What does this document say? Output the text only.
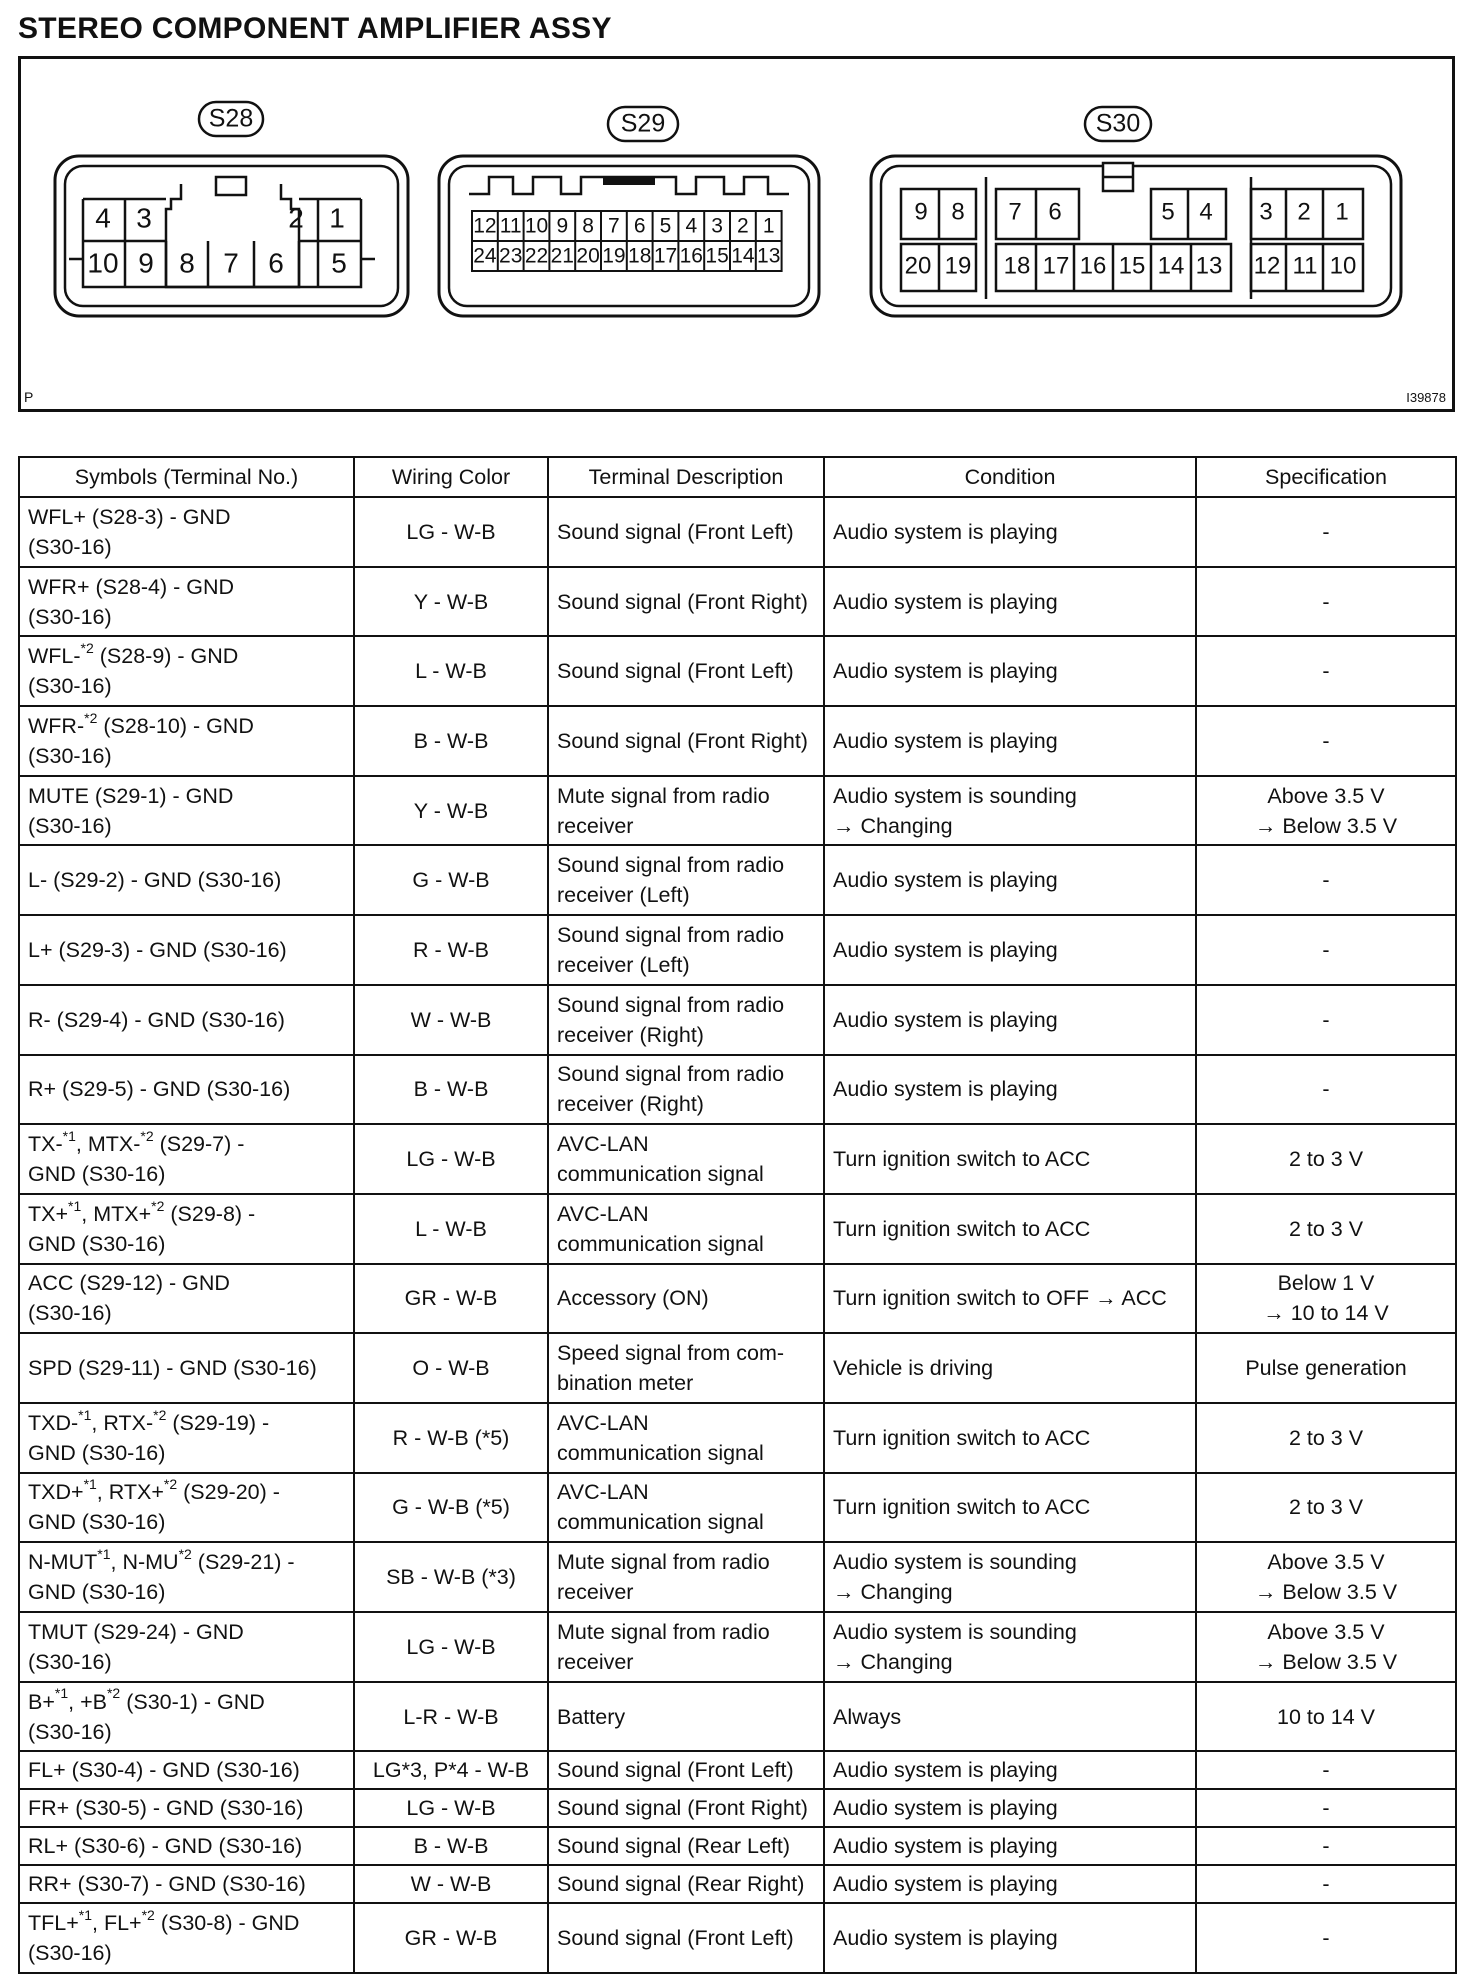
STEREO COMPONENT AMPLIFIER ASSY
S28
4 3	2 1
10 9 8 7 6 5
S29
12 11 10 9 8 7 6 5 4 3 2 1
24 23 22 21 20 19 18 17 16 15 14 13
S30
9 8 7 6	5 4 3 2 1
20 19 18 17 16 15 14 13 12 11 10
P	I39878
Symbols (Terminal No.)	Wiring Color	Terminal Description	Condition	Specification
WFL+ (S28-3) - GND
(S30-16)	LG - W-B	Sound signal (Front Left)	Audio system is playing	-
WFR+ (S28-4) - GND
(S30-16)	Y - W-B	Sound signal (Front Right)	Audio system is playing	-
WFL-$^{*2}$ (S28-9) - GND
(S30-16)	L - W-B	Sound signal (Front Left)	Audio system is playing	-
WFR-$^{*2}$ (S28-10) - GND
(S30-16)	B - W-B	Sound signal (Front Right)	Audio system is playing	-
MUTE (S29-1) - GND
(S30-16)	Y - W-B	Mute signal from radio
receiver	Audio system is sounding
→ Changing	Above 3.5 V
→ Below 3.5 V
L- (S29-2) - GND (S30-16)	G - W-B	Sound signal from radio
receiver (Left)	Audio system is playing	-
L+ (S29-3) - GND (S30-16)	R - W-B	Sound signal from radio
receiver (Left)	Audio system is playing	-
R- (S29-4) - GND (S30-16)	W - W-B	Sound signal from radio
receiver (Right)	Audio system is playing	-
R+ (S29-5) - GND (S30-16)	B - W-B	Sound signal from radio
receiver (Right)	Audio system is playing	-
TX-$^{*1}$, MTX-$^{*2}$ (S29-7) -
GND (S30-16)	LG - W-B	AVC-LAN
communication signal	Turn ignition switch to ACC	2 to 3 V
TX+$^{*1}$, MTX+$^{*2}$ (S29-8) -
GND (S30-16)	L - W-B	AVC-LAN
communication signal	Turn ignition switch to ACC	2 to 3 V
ACC (S29-12) - GND
(S30-16)	GR - W-B	Accessory (ON)	Turn ignition switch to OFF → ACC	Below 1 V
→ 10 to 14 V
SPD (S29-11) - GND (S30-16)	O - W-B	Speed signal from com-
bination meter	Vehicle is driving	Pulse generation
TXD-$^{*1}$, RTX-$^{*2}$ (S29-19) -
GND (S30-16)	R - W-B (*5)	AVC-LAN
communication signal	Turn ignition switch to ACC	2 to 3 V
TXD+$^{*1}$, RTX+$^{*2}$ (S29-20) -
GND (S30-16)	G - W-B (*5)	AVC-LAN
communication signal	Turn ignition switch to ACC	2 to 3 V
N-MUT$^{*1}$, N-MU$^{*2}$ (S29-21) -
GND (S30-16)	SB - W-B (*3)	Mute signal from radio
receiver	Audio system is sounding
→ Changing	Above 3.5 V
→ Below 3.5 V
TMUT (S29-24) - GND
(S30-16)	LG - W-B	Mute signal from radio
receiver	Audio system is sounding
→ Changing	Above 3.5 V
→ Below 3.5 V
B+$^{*1}$, $+B^{*2}$ (S30-1) - GND
(S30-16)	L-R - W-B	Battery	Always	10 to 14 V
FL+ (S30-4) - GND (S30-16)	LG*3, P*4 - W-B	Sound signal (Front Left)	Audio system is playing	-
FR+ (S30-5) - GND (S30-16)	LG - W-B	Sound signal (Front Right)	Audio system is playing	-
RL+ (S30-6) - GND (S30-16)	B - W-B	Sound signal (Rear Left)	Audio system is playing	-
RR+ (S30-7) - GND (S30-16)	W - W-B	Sound signal (Rear Right)	Audio system is playing	-
TFL+$^{*1}$, FL+$^{*2}$ (S30-8) - GND
(S30-16)	GR - W-B	Sound signal (Front Left)	Audio system is playing	-
